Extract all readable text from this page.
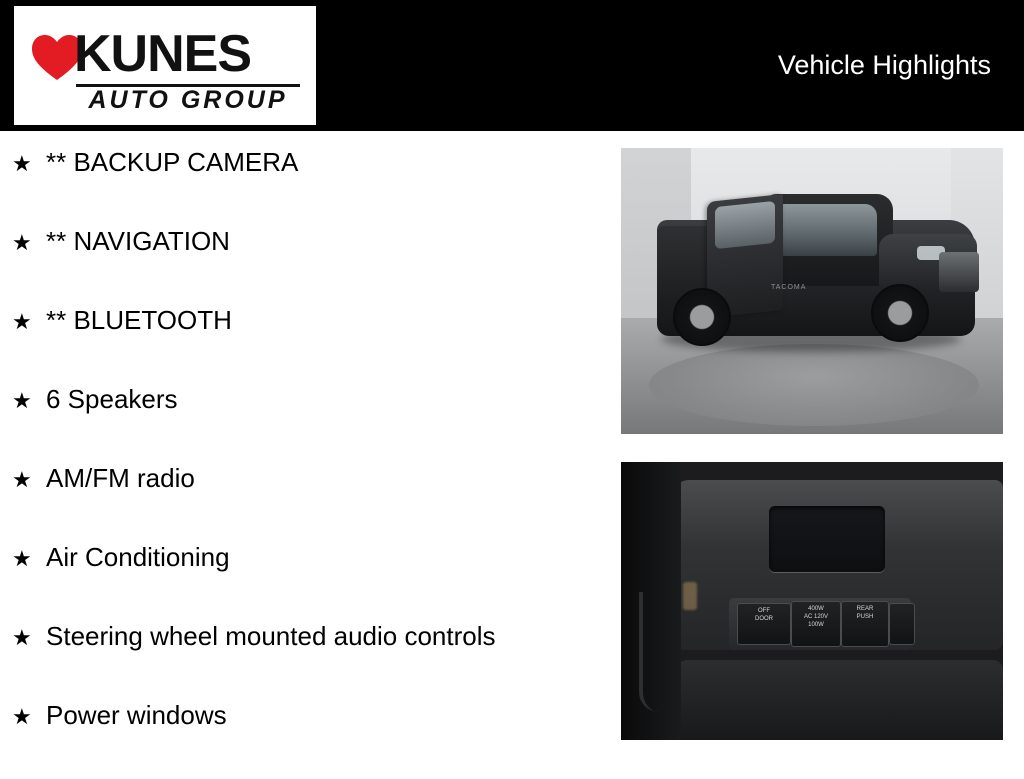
KUNES
AUTO GROUP
Vehicle Highlights
★ ** BACKUP CAMERA
★ ** NAVIGATION
★ ** BLUETOOTH
★ 6 Speakers
★ AM/FM radio
★ Air Conditioning
★ Steering wheel mounted audio controls
★ Power windows
TACOMA
OFF
DOOR
400W
AC 120V
100W
REAR
PUSH
